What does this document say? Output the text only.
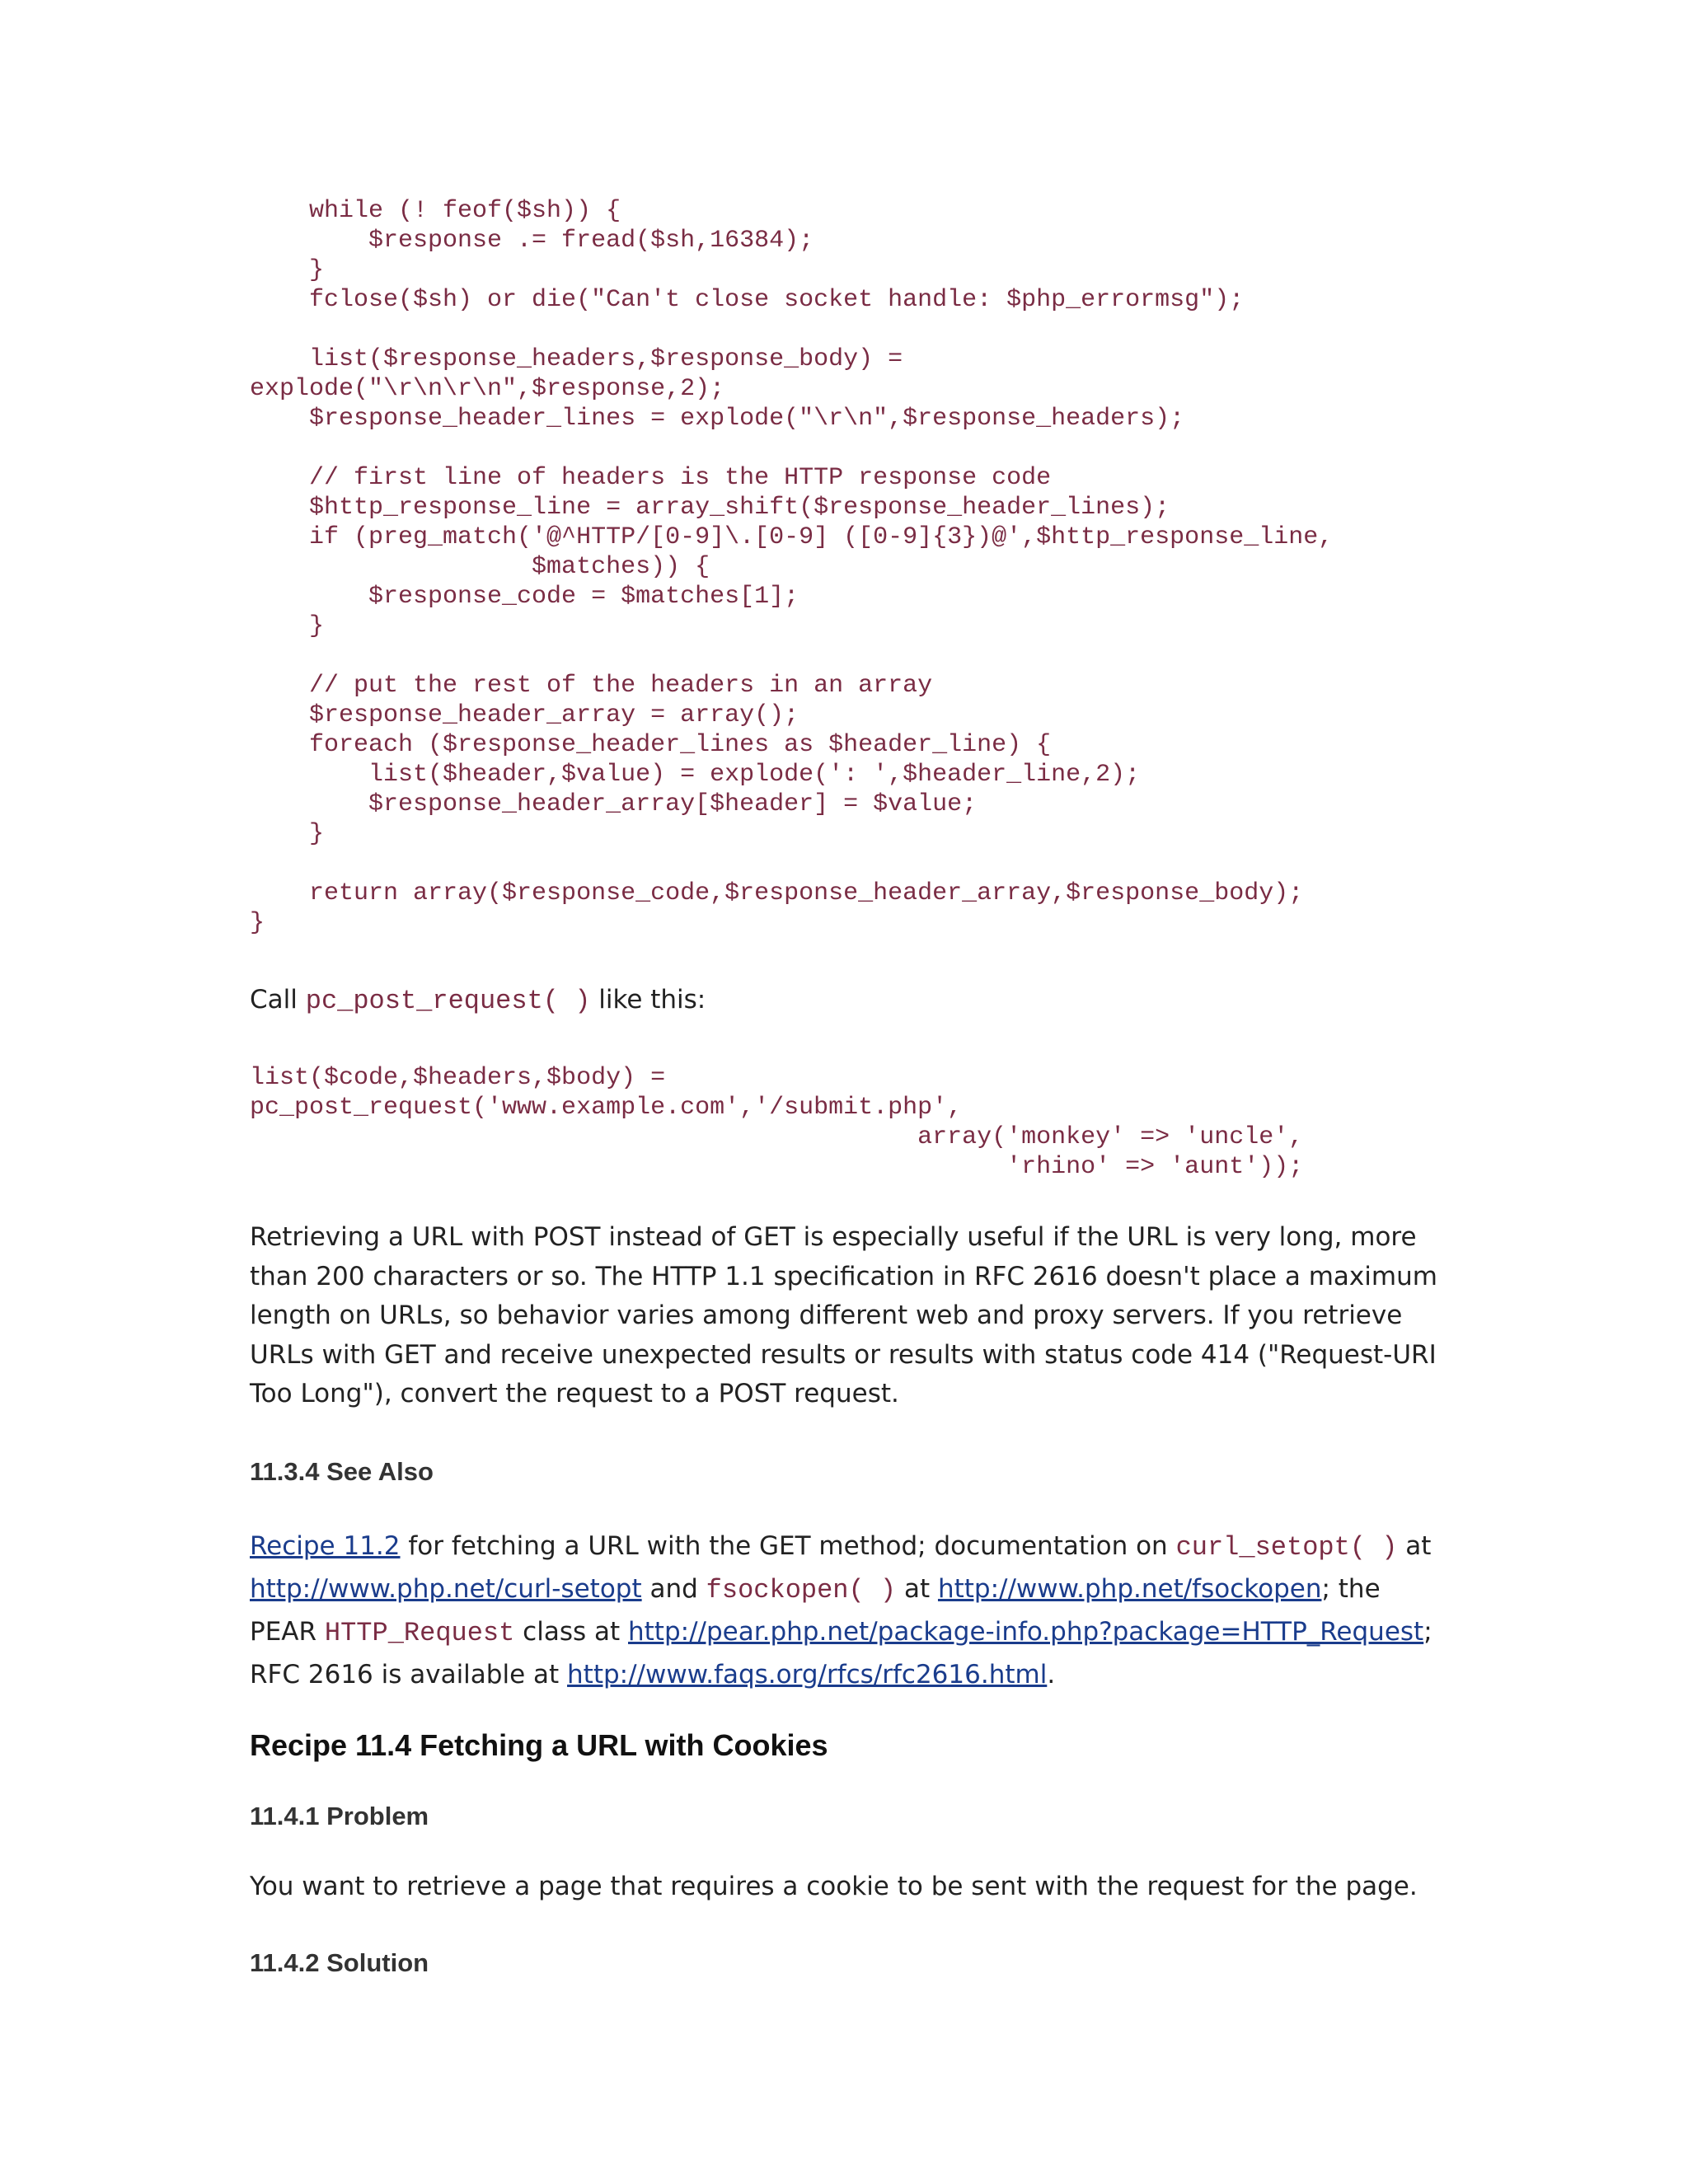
while (! feof($sh)) {
$response .= fread($sh,16384);
}
fclose($sh) or die("Can't close socket handle: $php_errormsg");

list($response_headers,$response_body) =
explode("\r\n\r\n",$response,2);
$response_header_lines = explode("\r\n",$response_headers);

// first line of headers is the HTTP response code
$http_response_line = array_shift($response_header_lines);
if (preg_match('@^HTTP/[0-9]\.[0-9] ([0-9]{3})@',$http_response_line,
$matches)) {
$response_code = $matches[1];
}

// put the rest of the headers in an array
$response_header_array = array();
foreach ($response_header_lines as $header_line) {
list($header,$value) = explode(': ',$header_line,2);
$response_header_array[$header] = $value;
}

return array($response_code,$response_header_array,$response_body);
}

Call pc_post_request( ) like this:

list($code,$headers,$body) =
pc_post_request('www.example.com','/submit.php',
array('monkey' => 'uncle',
'rhino' => 'aunt'));

Retrieving a URL with POST instead of GET is especially useful if the URL is very long, more than 200 characters or so. The HTTP 1.1 specification in RFC 2616 doesn't place a maximum length on URLs, so behavior varies among different web and proxy servers. If you retrieve URLs with GET and receive unexpected results or results with status code 414 ("Request-URI Too Long"), convert the request to a POST request.

11.3.4 See Also

Recipe 11.2 for fetching a URL with the GET method; documentation on curl_setopt( ) at http://www.php.net/curl-setopt and fsockopen( ) at http://www.php.net/fsockopen; the PEAR HTTP_Request class at http://pear.php.net/package-info.php?package=HTTP_Request; RFC 2616 is available at http://www.faqs.org/rfcs/rfc2616.html.

Recipe 11.4 Fetching a URL with Cookies
11.4.1 Problem

You want to retrieve a page that requires a cookie to be sent with the request for the page.

11.4.2 Solution
